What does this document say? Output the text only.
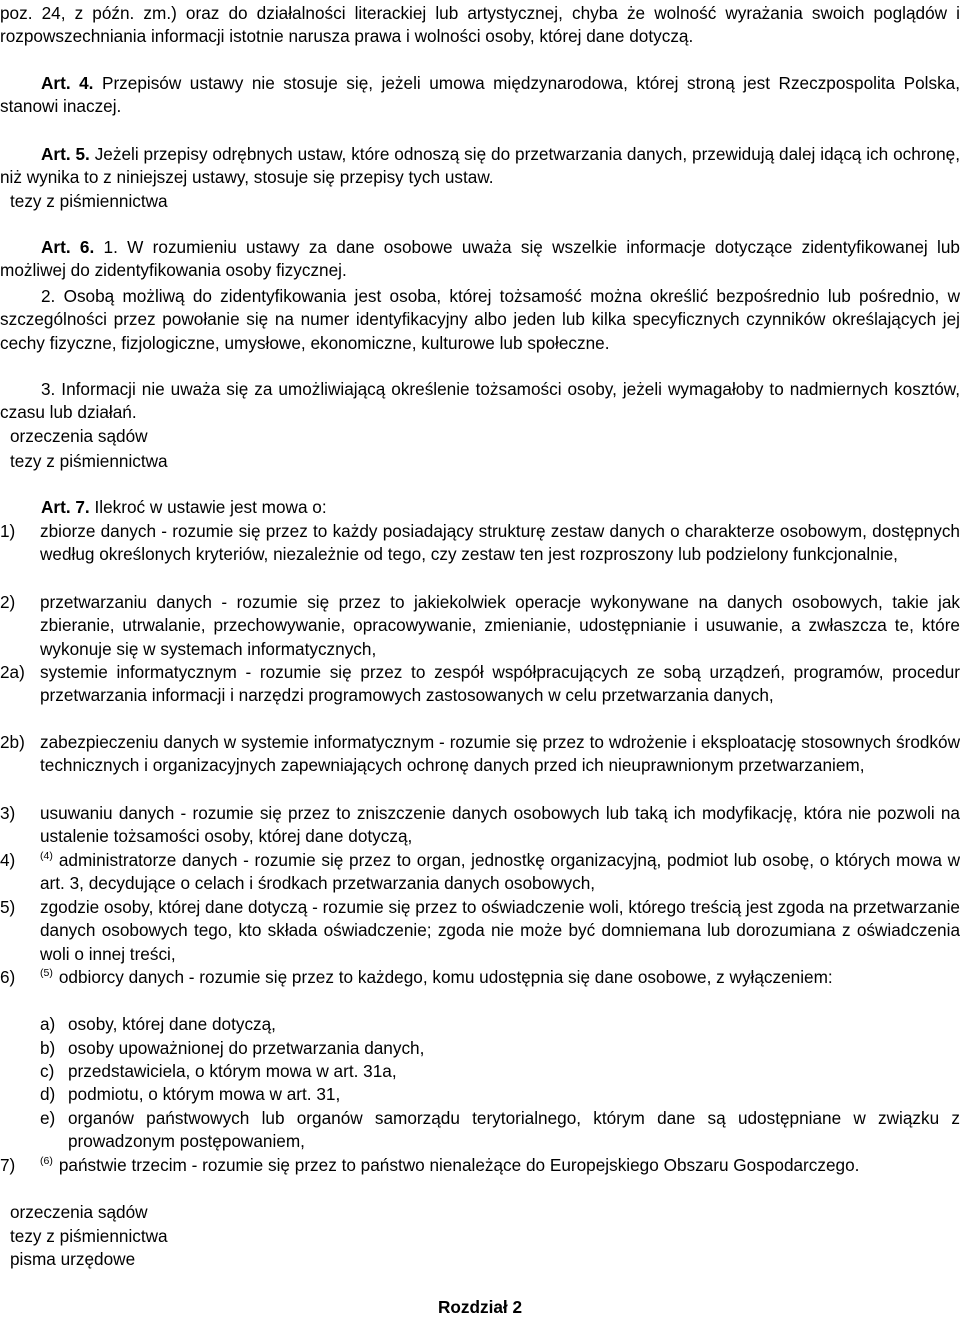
poz. 24, z późn. zm.) oraz do działalności literackiej lub artystycznej, chyba że wolność wyrażania swoich poglądów i rozpowszechniania informacji istotnie narusza prawa i wolności osoby, której dane dotyczą.
Art. 4. Przepisów ustawy nie stosuje się, jeżeli umowa międzynarodowa, której stroną jest Rzeczpospolita Polska, stanowi inaczej.
Art. 5. Jeżeli przepisy odrębnych ustaw, które odnoszą się do przetwarzania danych, przewidują dalej idącą ich ochronę, niż wynika to z niniejszej ustawy, stosuje się przepisy tych ustaw.
tezy z piśmiennictwa
Art. 6. 1. W rozumieniu ustawy za dane osobowe uważa się wszelkie informacje dotyczące zidentyfikowanej lub możliwej do zidentyfikowania osoby fizycznej.
2. Osobą możliwą do zidentyfikowania jest osoba, której tożsamość można określić bezpośrednio lub pośrednio, w szczególności przez powołanie się na numer identyfikacyjny albo jeden lub kilka specyficznych czynników określających jej cechy fizyczne, fizjologiczne, umysłowe, ekonomiczne, kulturowe lub społeczne.
3. Informacji nie uważa się za umożliwiającą określenie tożsamości osoby, jeżeli wymagałoby to nadmiernych kosztów, czasu lub działań.
orzeczenia sądów
tezy z piśmiennictwa
Art. 7. Ilekroć w ustawie jest mowa o:
1)	zbiorze danych - rozumie się przez to każdy posiadający strukturę zestaw danych o charakterze osobowym, dostępnych według określonych kryteriów, niezależnie od tego, czy zestaw ten jest rozproszony lub podzielony funkcjonalnie,
2)	przetwarzaniu danych - rozumie się przez to jakiekolwiek operacje wykonywane na danych osobowych, takie jak zbieranie, utrwalanie, przechowywanie, opracowywanie, zmienianie, udostępnianie i usuwanie, a zwłaszcza te, które wykonuje się w systemach informatycznych,
2a) systemie informatycznym - rozumie się przez to zespół współpracujących ze sobą urządzeń, programów, procedur przetwarzania informacji i narzędzi programowych zastosowanych w celu przetwarzania danych,
2b) zabezpieczeniu danych w systemie informatycznym - rozumie się przez to wdrożenie i eksploatację stosownych środków technicznych i organizacyjnych zapewniających ochronę danych przed ich nieuprawnionym przetwarzaniem,
3)	usuwaniu danych - rozumie się przez to zniszczenie danych osobowych lub taką ich modyfikację, która nie pozwoli na ustalenie tożsamości osoby, której dane dotyczą,
4)	$^{(4)}$ administratorze danych - rozumie się przez to organ, jednostkę organizacyjną, podmiot lub osobę, o których mowa w art. 3, decydujące o celach i środkach przetwarzania danych osobowych,
5)	zgodzie osoby, której dane dotyczą - rozumie się przez to oświadczenie woli, którego treścią jest zgoda na przetwarzanie danych osobowych tego, kto składa oświadczenie; zgoda nie może być domniemana lub dorozumiana z oświadczenia woli o innej treści,
6)	$^{(5)}$ odbiorcy danych - rozumie się przez to każdego, komu udostępnia się dane osobowe, z wyłączeniem:
a) osoby, której dane dotyczą,
b) osoby upoważnionej do przetwarzania danych,
c) przedstawiciela, o którym mowa w art. 31a,
d) podmiotu, o którym mowa w art. 31,
e) organów państwowych lub organów samorządu terytorialnego, którym dane są udostępniane w związku z prowadzonym postępowaniem,
7)	$^{(6)}$ państwie trzecim - rozumie się przez to państwo nienależące do Europejskiego Obszaru Gospodarczego.
orzeczenia sądów
tezy z piśmiennictwa
pisma urzędowe
Rozdział 2
